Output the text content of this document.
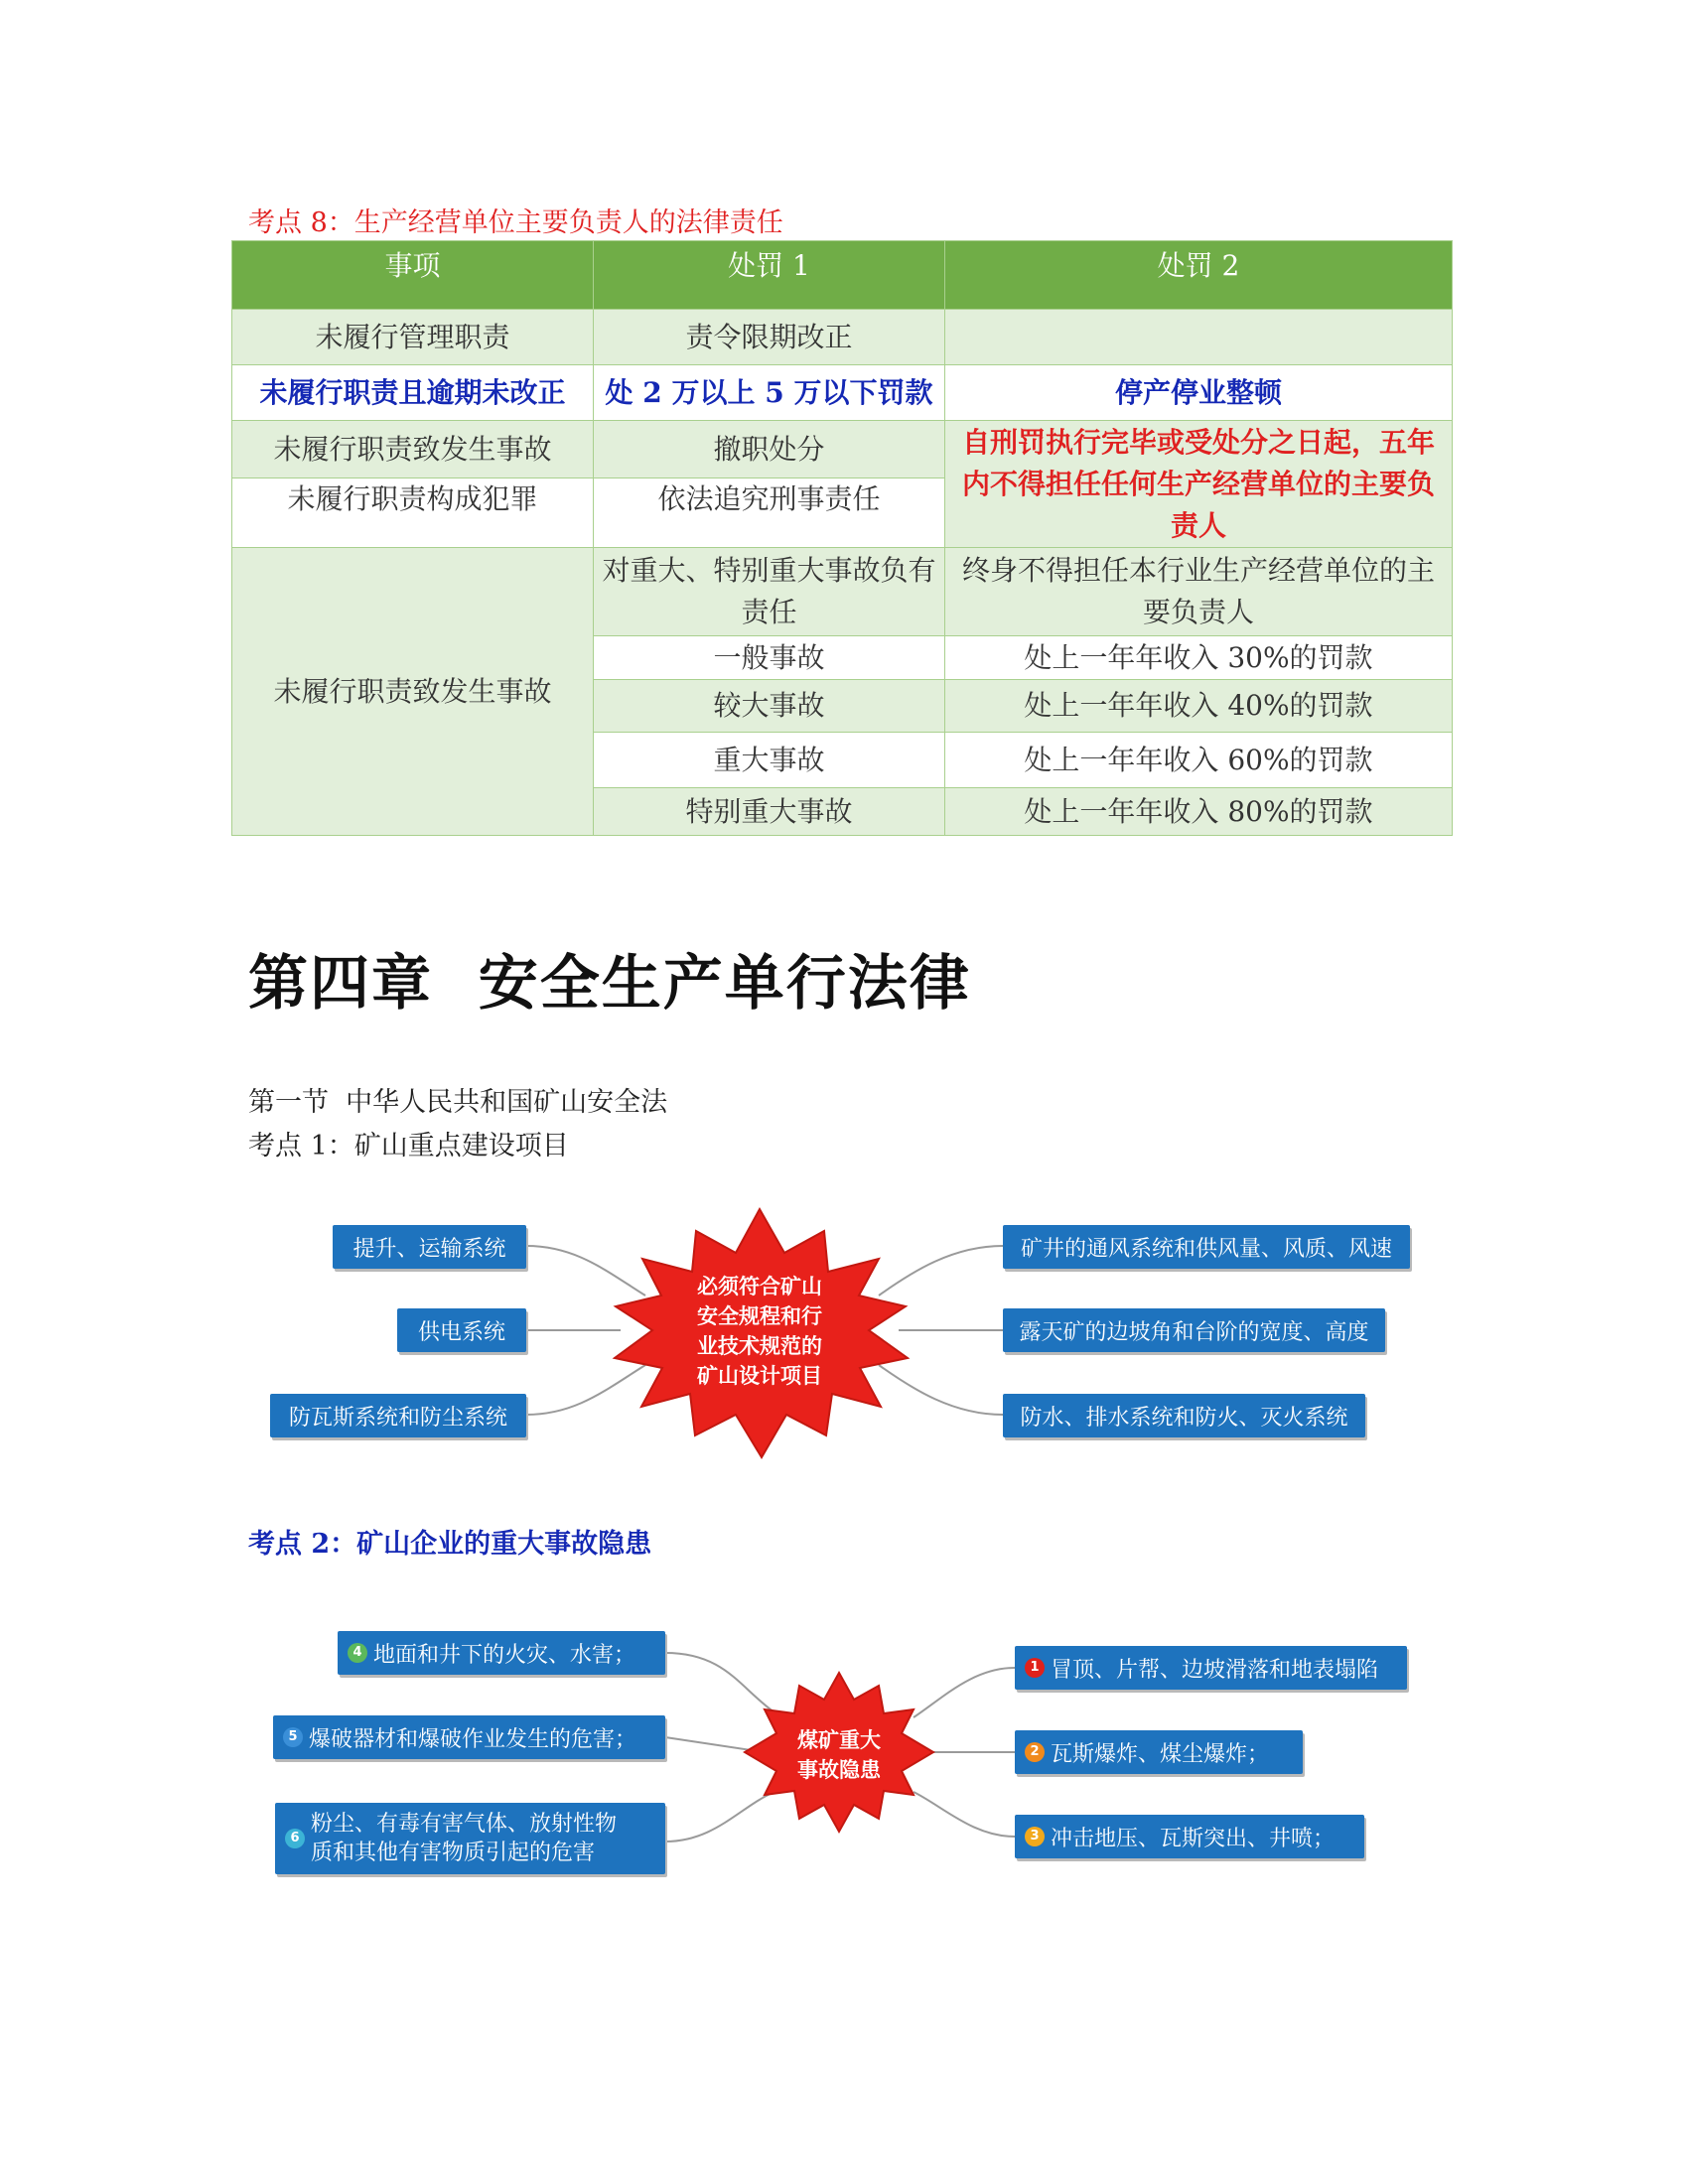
考点 8：生产经营单位主要负责人的法律责任
事项	处罚 1	处罚 2
未履行管理职责	责令限期改正	
未履行职责且逾期未改正	处 2 万以上 5 万以下罚款	停产停业整顿
未履行职责致发生事故	撤职处分	自刑罚执行完毕或受处分之日起，五年内不得担任任何生产经营单位的主要负责人
未履行职责构成犯罪	依法追究刑事责任	
未履行职责致发生事故	对重大、特别重大事故负有责任	终身不得担任本行业生产经营单位的主要负责人
	一般事故	处上一年年收入 30%的罚款
	较大事故	处上一年年收入 40%的罚款
	重大事故	处上一年年收入 60%的罚款
	特别重大事故	处上一年年收入 80%的罚款
第四章  安全生产单行法律
第一节  中华人民共和国矿山安全法
考点 1：矿山重点建设项目
必须符合矿山
安全规程和行
业技术规范的
矿山设计项目
提升、运输系统
供电系统
防瓦斯系统和防尘系统
矿井的通风系统和供风量、风质、风速
露天矿的边坡角和台阶的宽度、高度
防水、排水系统和防火、灭火系统
考点 2：矿山企业的重大事故隐患
煤矿重大
事故隐患
4 地面和井下的火灾、水害；
5 爆破器材和爆破作业发生的危害；
6
粉尘、有毒有害气体、放射性物
质和其他有害物质引起的危害
1 冒顶、片帮、边坡滑落和地表塌陷
2 瓦斯爆炸、煤尘爆炸；
3 冲击地压、瓦斯突出、井喷；
